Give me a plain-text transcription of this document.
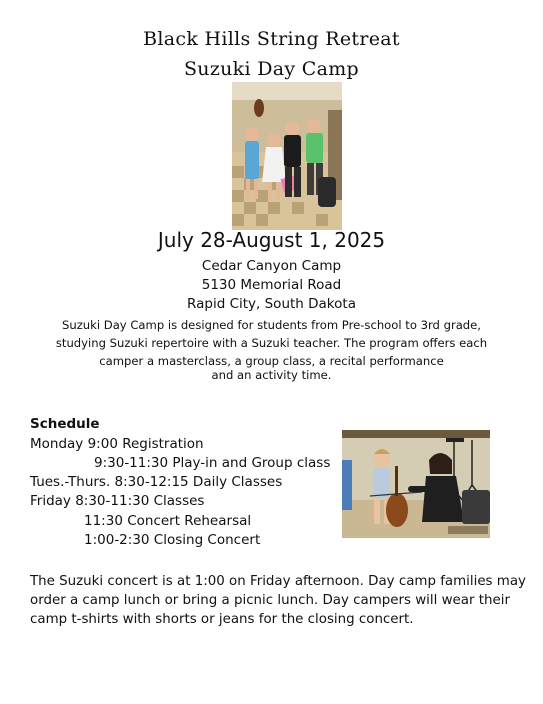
Black Hills String Retreat
Suzuki Day Camp
July 28-August 1, 2025
Cedar Canyon Camp
5130 Memorial Road
Rapid City, South Dakota
Suzuki Day Camp is designed for students from Pre-school to 3rd grade,
studying Suzuki repertoire with a Suzuki teacher. The program offers each
camper a masterclass, a group class, a recital performance
and an activity time.
Schedule
Monday 9:00 Registration
9:30-11:30 Play-in and Group class
Tues.-Thurs. 8:30-12:15 Daily Classes
Friday 8:30-11:30 Classes
11:30 Concert Rehearsal
1:00-2:30 Closing Concert
The Suzuki concert is at 1:00 on Friday afternoon. Day camp families may
order a camp lunch or bring a picnic lunch. Day campers will wear their
camp t-shirts with shorts or jeans for the closing concert.
